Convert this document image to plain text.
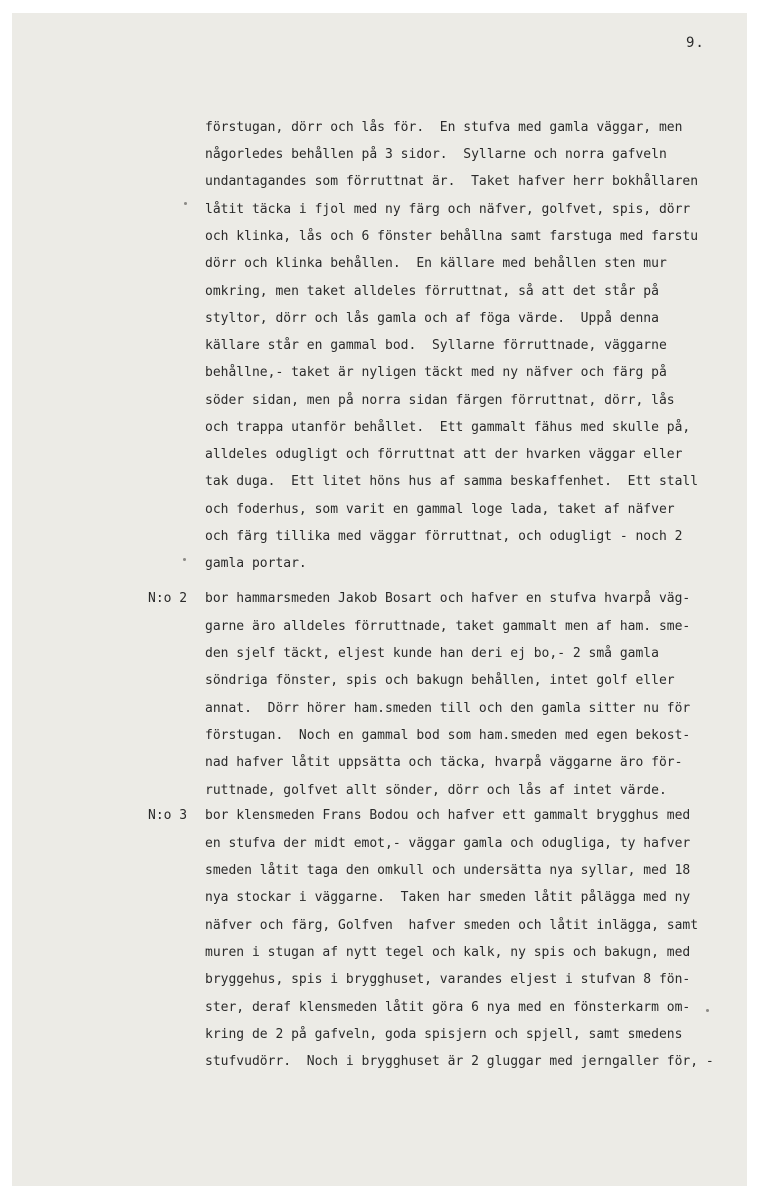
9.
förstugan, dörr och lås för.  En stufva med gamla väggar, men
någorledes behållen på 3 sidor.  Syllarne och norra gafveln
undantagandes som förruttnat är.  Taket hafver herr bokhållaren
låtit täcka i fjol med ny färg och näfver, golfvet, spis, dörr
och klinka, lås och 6 fönster behållna samt farstuga med farstu
dörr och klinka behållen.  En källare med behållen sten mur
omkring, men taket alldeles förruttnat, så att det står på
styltor, dörr och lås gamla och af föga värde.  Uppå denna
källare står en gammal bod.  Syllarne förruttnade, väggarne
behållne,- taket är nyligen täckt med ny näfver och färg på
söder sidan, men på norra sidan färgen förruttnat, dörr, lås
och trappa utanför behållet.  Ett gammalt fähus med skulle på,
alldeles odugligt och förruttnat att der hvarken väggar eller
tak duga.  Ett litet höns hus af samma beskaffenhet.  Ett stall
och foderhus, som varit en gammal loge lada, taket af näfver
och färg tillika med väggar förruttnat, och odugligt - noch 2
gamla portar.
bor hammarsmeden Jakob Bosart och hafver en stufva hvarpå väg-
garne äro alldeles förruttnade, taket gammalt men af ham. sme-
den sjelf täckt, eljest kunde han deri ej bo,- 2 små gamla
söndriga fönster, spis och bakugn behållen, intet golf eller
annat.  Dörr hörer ham.smeden till och den gamla sitter nu för
förstugan.  Noch en gammal bod som ham.smeden med egen bekost-
nad hafver låtit uppsätta och täcka, hvarpå väggarne äro för-
ruttnade, golfvet allt sönder, dörr och lås af intet värde.
bor klensmeden Frans Bodou och hafver ett gammalt brygghus med
en stufva der midt emot,- väggar gamla och odugliga, ty hafver
smeden låtit taga den omkull och undersätta nya syllar, med 18
nya stockar i väggarne.  Taken har smeden låtit pålägga med ny
näfver och färg, Golfven  hafver smeden och låtit inlägga, samt
muren i stugan af nytt tegel och kalk, ny spis och bakugn, med
bryggehus, spis i brygghuset, varandes eljest i stufvan 8 fön-
ster, deraf klensmeden låtit göra 6 nya med en fönsterkarm om-
kring de 2 på gafveln, goda spisjern och spjell, samt smedens
stufvudörr.  Noch i brygghuset är 2 gluggar med jerngaller för, -
N:o 2
N:o 3
